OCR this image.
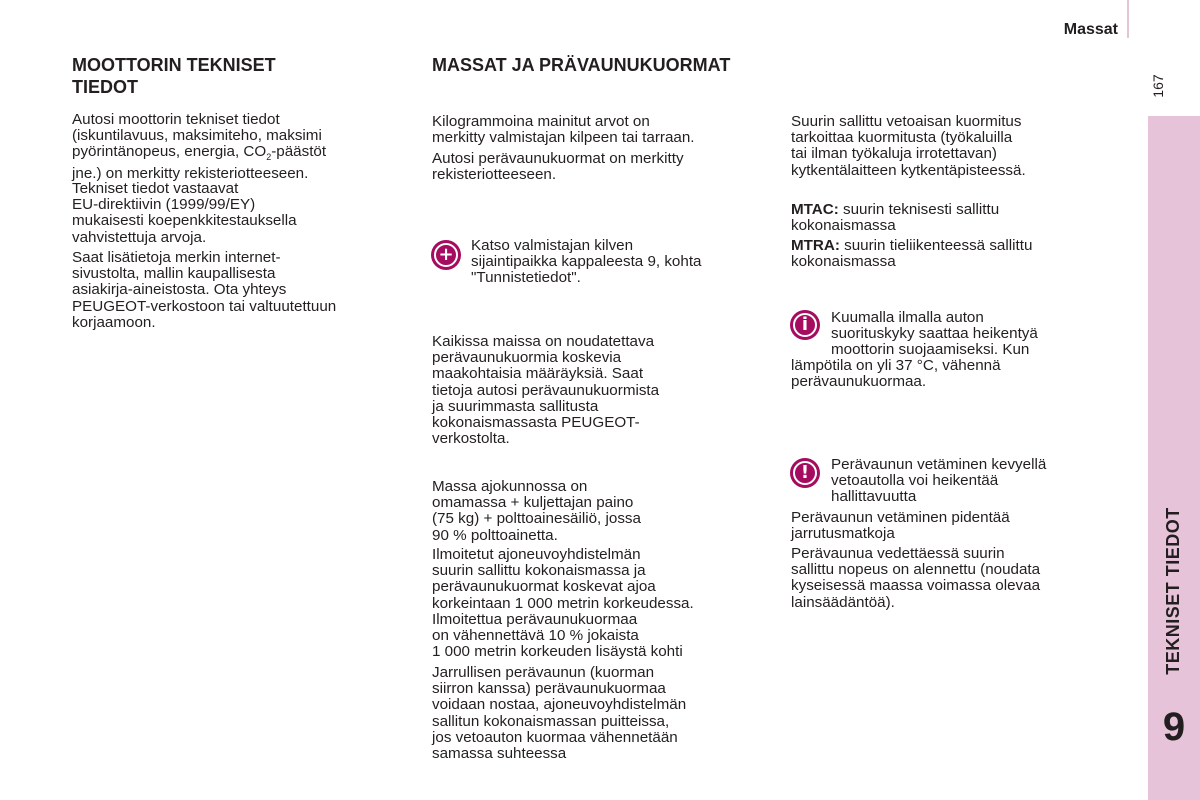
Massat
167
TEKNISET TIEDOT
9
MOOTTORIN TEKNISET
TIEDOT
Autosi moottorin tekniset tiedot
(iskuntilavuus, maksimiteho, maksimi
pyörintänopeus, energia, $CO_2$-päästöt
jne.) on merkitty rekisteriotteeseen.
Tekniset tiedot vastaavat
EU-direktiivin (1999/99/EY)
mukaisesti koepenkkitestauksella
vahvistettuja arvoja.
Saat lisätietoja merkin internet-
sivustolta, mallin kaupallisesta
asiakirja-aineistosta. Ota yhteys
PEUGEOT-verkostoon tai valtuutettuun
korjaamoon.
MASSAT JA PRÄVAUNUKUORMAT
Kilogrammoina mainitut arvot on
merkitty valmistajan kilpeen tai tarraan.
Autosi perävaunukuormat on merkitty
rekisteriotteeseen.
+ Katso valmistajan kilven
sijaintipaikka kappaleesta 9, kohta
"Tunnistetiedot".
Kaikissa maissa on noudatettava
perävaunukuormia koskevia
maakohtaisia määräyksiä. Saat
tietoja autosi perävaunukuormista
ja suurimmasta sallitusta
kokonaismassasta PEUGEOT-
verkostolta.
Massa ajokunnossa on
omamassa + kuljettajan paino
(75 kg) + polttoainesäiliö, jossa
90 % polttoainetta.
Ilmoitetut ajoneuvoyhdistelmän
suurin sallittu kokonaismassa ja
perävaunukuormat koskevat ajoa
korkeintaan 1 000 metrin korkeudessa.
Ilmoitettua perävaunukuormaa
on vähennettävä 10 % jokaista
1 000 metrin korkeuden lisäystä kohti
Jarrullisen perävaunun (kuorman
siirron kanssa) perävaunukuormaa
voidaan nostaa, ajoneuvoyhdistelmän
sallitun kokonaismassan puitteissa,
jos vetoauton kuormaa vähennetään
samassa suhteessa
Suurin sallittu vetoaisan kuormitus
tarkoittaa kuormitusta (työkaluilla
tai ilman työkaluja irrotettavan)
kytkentälaitteen kytkentäpisteessä.
MTAC: suurin teknisesti sallittu
kokonaismassa
MTRA: suurin tieliikenteessä sallittu
kokonaismassa
i Kuumalla ilmalla auton
suorituskyky saattaa heikentyä
moottorin suojaamiseksi. Kun
lämpötila on yli 37 °C, vähennä
perävaunukuormaa.
! Perävaunun vetäminen kevyellä
vetoautolla voi heikentää
hallittavuutta
Perävaunun vetäminen pidentää
jarrutusmatkoja
Perävaunua vedettäessä suurin
sallittu nopeus on alennettu (noudata
kyseisessä maassa voimassa olevaa
lainsäädäntöä).
